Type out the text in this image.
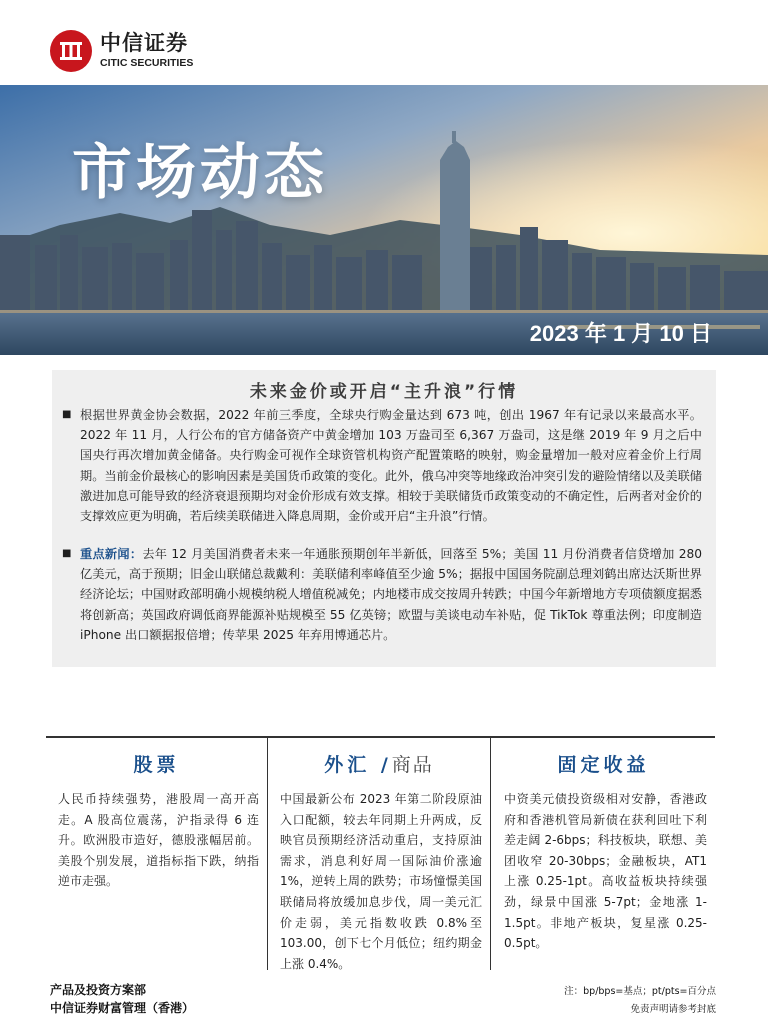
中信证券
CITIC SECURITIES
市场动态
2023 年 1 月 10 日
未来金价或开启“主升浪”行情
■ 根据世界黄金协会数据，2022 年前三季度，全球央行购金量达到 673 吨，创出 1967 年有记录以来最高水平。2022 年 11 月，人行公布的官方储备资产中黄金增加 103 万盎司至 6,367 万盎司，这是继 2019 年 9 月之后中国央行再次增加黄金储备。央行购金可视作全球资管机构资产配置策略的映射，购金量增加一般对应着金价上行周期。当前金价最核心的影响因素是美国货币政策的变化。此外，俄乌冲突等地缘政治冲突引发的避险情绪以及美联储激进加息可能导致的经济衰退预期均对金价形成有效支撑。相较于美联储货币政策变动的不确定性，后两者对金价的支撑效应更为明确，若后续美联储进入降息周期，金价或开启“主升浪”行情。
■ 重点新闻：去年 12 月美国消费者未来一年通胀预期创年半新低，回落至 5%；美国 11 月份消费者信贷增加 280 亿美元，高于预期；旧金山联储总裁戴利：美联储利率峰值至少逾 5%；据报中国国务院副总理刘鹤出席达沃斯世界经济论坛；中国财政部明确小规模纳税人增值税减免；内地楼市成交按周升转跌；中国今年新增地方专项债额度据悉将创新高；英国政府调低商界能源补贴规模至 55 亿英镑；欧盟与美谈电动车补贴，促 TikTok 尊重法例；印度制造 iPhone 出口额据报倍增；传苹果 2025 年弃用博通芯片。
股票
人民币持续强势，港股周一高开高走。A 股高位震荡，沪指录得 6 连升。欧洲股市造好，德股涨幅居前。美股个别发展，道指标指下跌，纳指逆市走强。
外汇 /商品
中国最新公布 2023 年第二阶段原油入口配额，较去年同期上升两成，反映官员预期经济活动重启，支持原油需求，消息利好周一国际油价涨逾 1%，逆转上周的跌势；市场憧憬美国联储局将放缓加息步伐，周一美元汇价走弱，美元指数收跌 0.8%至 103.00，创下七个月低位；纽约期金上涨 0.4%。
固定收益
中资美元债投资级相对安静，香港政府和香港机管局新债在获利回吐下利差走阔 2-6bps；科技板块，联想、美团收窄 20-30bps；金融板块，AT1 上涨 0.25-1pt。高收益板块持续强劲，绿景中国涨 5-7pt；金地涨 1-1.5pt。非地产板块，复星涨 0.25-0.5pt。
产品及投资方案部
中信证券财富管理（香港）
注：bp/bps=基点；pt/pts=百分点
免责声明请参考封底
